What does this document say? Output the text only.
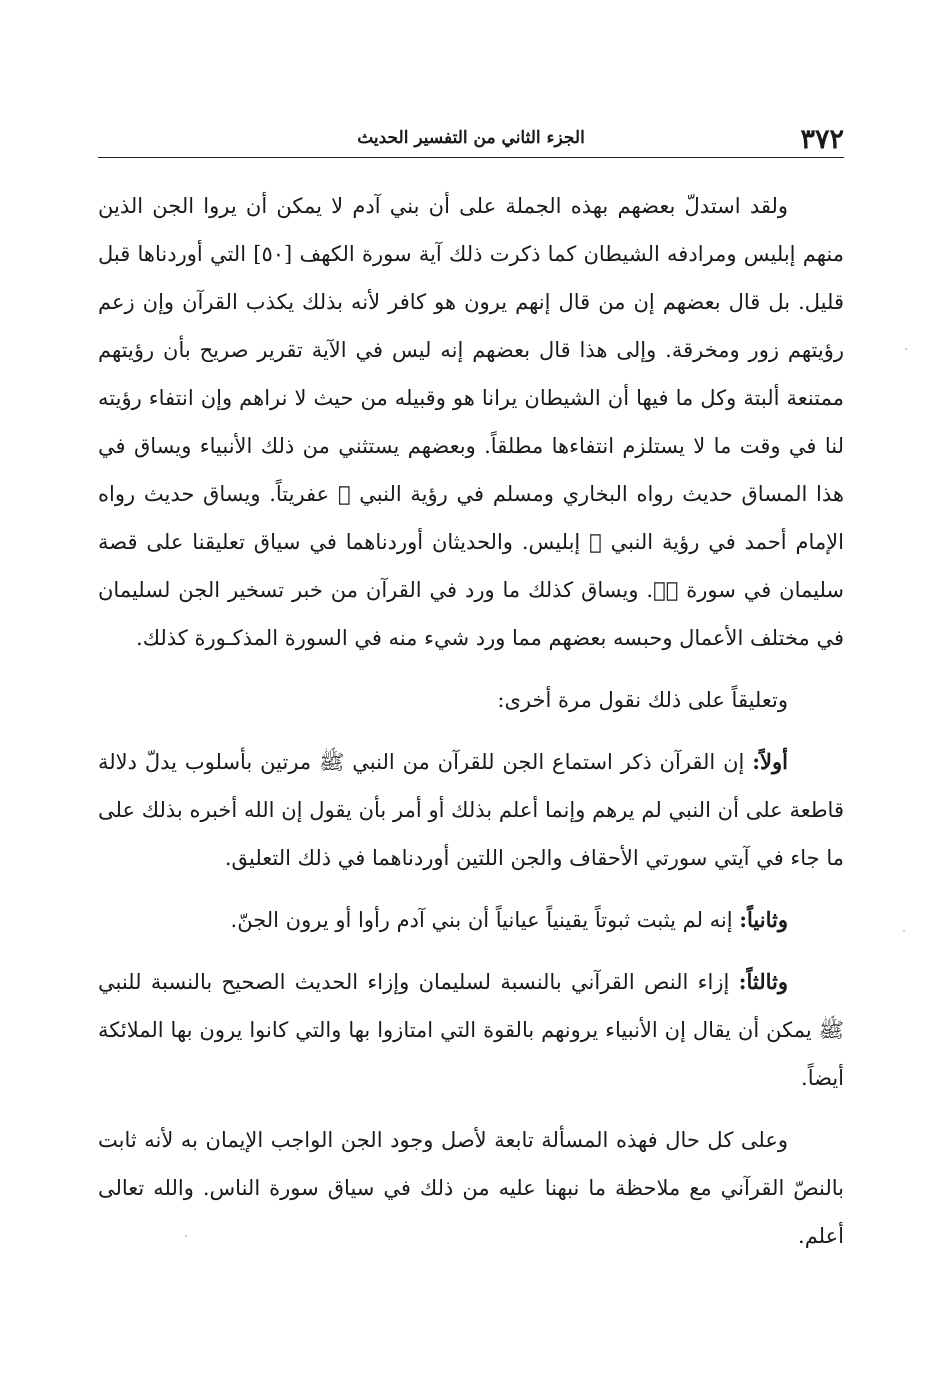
٣٧٢
الجزء الثاني من التفسير الحديث

ولقد استدلّ بعضهم بهذه الجملة على أن بني آدم لا يمكن أن يروا الجن الذين منهم إبليس ومرادفه الشيطان كما ذكرت ذلك آية سورة الكهف [٥٠] التي أوردناها قبل قليل. بل قال بعضهم إن من قال إنهم يرون هو كافر لأنه بذلك يكذب القرآن وإن زعم رؤيتهم زور ومخرقة. وإلى هذا قال بعضهم إنه ليس في الآية تقرير صريح بأن رؤيتهم ممتنعة ألبتة وكل ما فيها أن الشيطان يرانا هو وقبيله من حيث لا نراهم وإن انتفاء رؤيته لنا في وقت ما لا يستلزم انتفاءها مطلقاً. وبعضهم يستثني من ذلك الأنبياء ويساق في هذا المساق حديث رواه البخاري ومسلم في رؤية النبي ﷺ عفريتاً. ويساق حديث رواه الإمام أحمد في رؤية النبي ﷺ إبليس. والحديثان أوردناهما في سياق تعليقنا على قصة سليمان في سورة صۤ. ويساق كذلك ما ورد في القرآن من خبر تسخير الجن لسليمان في مختلف الأعمال وحبسه بعضهم مما ورد شيء منه في السورة المذكـورة كذلك.

وتعليقاً على ذلك نقول مرة أخرى:

أولاً: إن القرآن ذكر استماع الجن للقرآن من النبي ﷺ مرتين بأسلوب يدلّ دلالة قاطعة على أن النبي لم يرهم وإنما أعلم بذلك أو أمر بأن يقول إن الله أخبره بذلك على ما جاء في آيتي سورتي الأحقاف والجن اللتين أوردناهما في ذلك التعليق.

وثانياً: إنه لم يثبت ثبوتاً يقينياً عيانياً أن بني آدم رأوا أو يرون الجنّ.

وثالثاً: إزاء النص القرآني بالنسبة لسليمان وإزاء الحديث الصحيح بالنسبة للنبي ﷺ يمكن أن يقال إن الأنبياء يرونهم بالقوة التي امتازوا بها والتي كانوا يرون بها الملائكة أيضاً.

وعلى كل حال فهذه المسألة تابعة لأصل وجود الجن الواجب الإيمان به لأنه ثابت بالنصّ القرآني مع ملاحظة ما نبهنا عليه من ذلك في سياق سورة الناس. والله تعالى أعلم.
